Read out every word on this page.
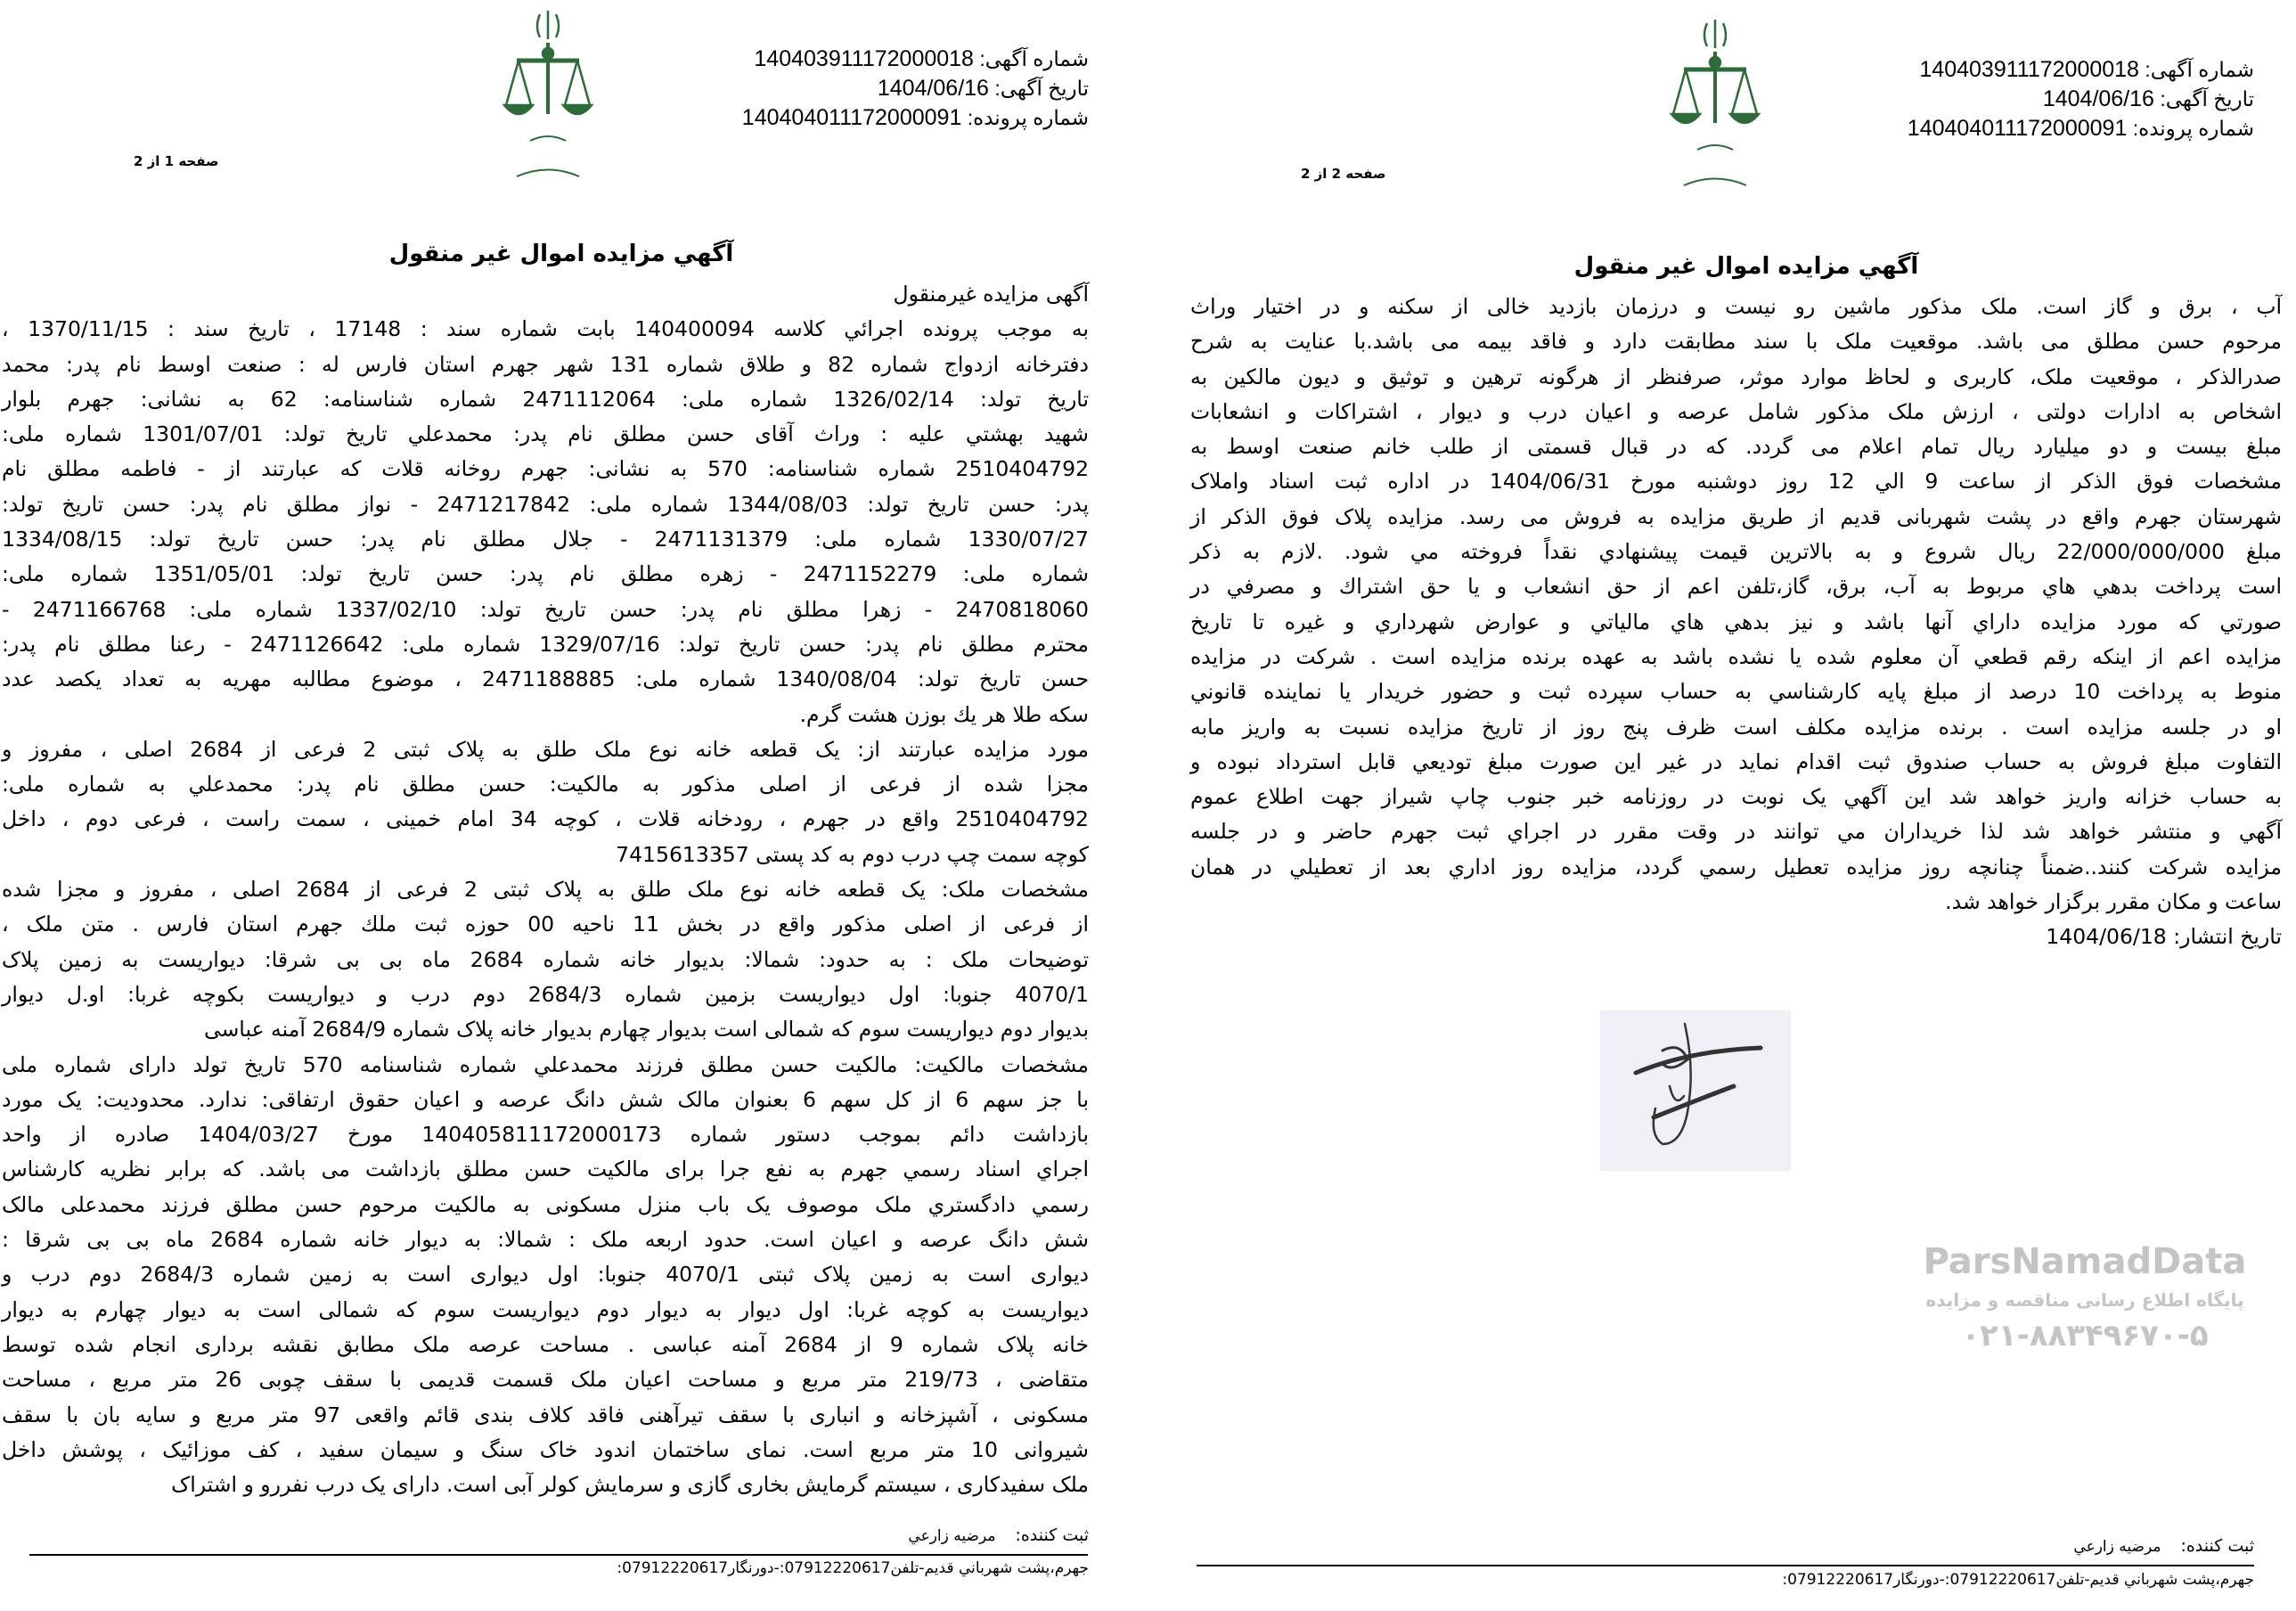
شماره آگهی: 140403911172000018
تاریخ آگهی: 1404/06/16
شماره پرونده: 140404011172000091
صفحه 1 از 2
آگهي مزايده اموال غير منقول
آگهی مزایده غیرمنقول
به موجب پرونده اجرائي كلاسه 140400094 بابت شماره سند : 17148 ، تاريخ سند : 1370/11/15 ،
دفترخانه ازدواج شماره 82 و طلاق شماره 131 شهر جهرم استان فارس له : صنعت اوسط نام پدر: محمد
تاریخ تولد: 1326/02/14 شماره ملی: 2471112064 شماره شناسنامه: 62 به نشانی: جهرم بلوار
شهيد بهشتي عليه : وراث آقای حسن مطلق نام پدر: محمدعلي تاريخ تولد: 1301/07/01 شماره ملی:
2510404792 شماره شناسنامه: 570 به نشانی: جهرم روخانه قلات كه عبارتند از - فاطمه مطلق نام
پدر: حسن تاریخ تولد: 1344/08/03 شماره ملی: 2471217842 - نواز مطلق نام پدر: حسن تاریخ تولد:
1330/07/27 شماره ملی: 2471131379 - جلال مطلق نام پدر: حسن تاریخ تولد: 1334/08/15
شماره ملی: 2471152279 - زهره مطلق نام پدر: حسن تاریخ تولد: 1351/05/01 شماره ملی:
2470818060 - زهرا مطلق نام پدر: حسن تاریخ تولد: 1337/02/10 شماره ملی: 2471166768 -
محترم مطلق نام پدر: حسن تاریخ تولد: 1329/07/16 شماره ملی: 2471126642 - رعنا مطلق نام پدر:
حسن تاریخ تولد: 1340/08/04 شماره ملی: 2471188885 ، موضوع مطالبه مهريه به تعداد يكصد عدد
سكه طلا هر يك بوزن هشت گرم.
مورد مزایده عبارتند از: یک قطعه خانه نوع ملک طلق به پلاک ثبتی 2 فرعی از 2684 اصلی ، مفروز و
مجزا شده از فرعی از اصلی مذکور به مالکیت: حسن مطلق نام پدر: محمدعلي به شماره ملی:
2510404792 واقع در جهرم ، رودخانه قلات ، کوچه 34 امام خمینی ، سمت راست ، فرعی دوم ، داخل
کوچه سمت چپ درب دوم به کد پستی 7415613357
مشخصات ملک: یک قطعه خانه نوع ملک طلق به پلاک ثبتی 2 فرعی از 2684 اصلی ، مفروز و مجزا شده
از فرعی از اصلی مذکور واقع در بخش 11 ناحیه 00 حوزه ثبت ملك جهرم استان فارس . متن ملک ،
توضیحات ملک : به حدود: شمالا: بدیوار خانه شماره 2684 ماه بی بی شرقا: دیواریست به زمین پلاک
4070/1 جنوبا: اول دیواریست بزمین شماره 2684/3 دوم درب و دیواریست بکوچه غربا: او.ل دیوار
بدیوار دوم دیواریست سوم که شمالی است بدیوار چهارم بدیوار خانه پلاک شماره 2684/9 آمنه عباسی
مشخصات مالکیت: مالکیت حسن مطلق فرزند محمدعلي شماره شناسنامه 570 تاریخ تولد دارای شماره ملی
با جز سهم 6 از کل سهم 6 بعنوان مالک شش دانگ عرصه و اعیان حقوق ارتفاقی: ندارد. محدودیت: یک مورد
بازداشت دائم بموجب دستور شماره 140405811172000173 مورخ 1404/03/27 صادره از واحد
اجراي اسناد رسمي جهرم به نفع جرا برای مالکیت حسن مطلق بازداشت می باشد. که برابر نظریه کارشناس
رسمي دادگستري ملک موصوف یک باب منزل مسکونی به مالکیت مرحوم حسن مطلق فرزند محمدعلی مالک
شش دانگ عرصه و اعیان است. حدود اربعه ملک : شمالا: به دیوار خانه شماره 2684 ماه بی بی شرقا :
دیواری است به زمین پلاک ثبتی 4070/1 جنوبا: اول دیواری است به زمین شماره 2684/3 دوم درب و
دیواریست به کوچه غربا: اول دیوار به دیوار دوم دیواریست سوم که شمالی است به دیوار چهارم به دیوار
خانه پلاک شماره 9 از 2684 آمنه عباسی . مساحت عرصه ملک مطابق نقشه برداری انجام شده توسط
متقاضی ، 219/73 متر مربع و مساحت اعیان ملک قسمت قدیمی با سقف چوبی 26 متر مربع ، مساحت
مسکونی ، آشپزخانه و انباری با سقف تیرآهنی فاقد کلاف بندی قائم واقعی 97 متر مربع و سایه بان با سقف
شیروانی 10 متر مربع است. نمای ساختمان اندود خاک سنگ و سیمان سفید ، کف موزائیک ، پوشش داخل
ملک سفیدکاری ، سیستم گرمایش بخاری گازی و سرمایش کولر آبی است. دارای یک درب نفررو و اشتراک
ثبت کننده:مرضيه زارعي
جهرم،پشت شهرباني قديم-تلفن07912220617:-دورنگار07912220617:
شماره آگهی: 140403911172000018
تاریخ آگهی: 1404/06/16
شماره پرونده: 140404011172000091
صفحه 2 از 2
آگهي مزايده اموال غير منقول
آب ، برق و گاز است. ملک مذکور ماشین رو نیست و درزمان بازدید خالی از سکنه و در اختیار وراث
مرحوم حسن مطلق می باشد. موقعیت ملک با سند مطابقت دارد و فاقد بیمه می باشد.با عنایت به شرح
صدرالذکر ، موقعیت ملک، کاربری و لحاظ موارد موثر، صرفنظر از هرگونه ترهین و توثیق و دیون مالکین به
اشخاص به ادارات دولتی ، ارزش ملک مذکور شامل عرصه و اعیان درب و دیوار ، اشتراکات و انشعابات
مبلغ بیست و دو میلیارد ریال تمام اعلام می گردد. که در قبال قسمتی از طلب خانم صنعت اوسط به
مشخصات فوق الذکر از ساعت 9 الي 12 روز دوشنبه مورخ 1404/06/31 در اداره ثبت اسناد واملاک
شهرستان جهرم واقع در پشت شهربانی قدیم از طریق مزایده به فروش می رسد. مزایده پلاک فوق الذکر از
مبلغ 22/000/000/000 ريال شروع و به بالاترين قيمت پيشنهادي نقداً فروخته مي شود. .لازم به ذکر
است پرداخت بدهي هاي مربوط به آب، برق، گاز،تلفن اعم از حق انشعاب و يا حق اشتراك و مصرفي در
صورتي كه مورد مزايده داراي آنها باشد و نيز بدهي هاي مالياتي و عوارض شهرداري و غيره تا تاريخ
مزايده اعم از اينكه رقم قطعي آن معلوم شده يا نشده باشد به عهده برنده مزايده است . شركت در مزايده
منوط به پرداخت 10 درصد از مبلغ پايه كارشناسي به حساب سپرده ثبت و حضور خريدار يا نماينده قانوني
او در جلسه مزايده است . برنده مزايده مكلف است ظرف پنج روز از تاريخ مزايده نسبت به واريز مابه
التفاوت مبلغ فروش به حساب صندوق ثبت اقدام نمايد در غير اين صورت مبلغ توديعي قابل استرداد نبوده و
به حساب خزانه واريز خواهد شد اين آگهي يک نوبت در روزنامه خبر جنوب چاپ شيراز جهت اطلاع عموم
آگهي و منتشر خواهد شد لذا خريداران مي توانند در وقت مقرر در اجراي ثبت جهرم حاضر و در جلسه
مزايده شركت كنند..ضمناً چنانچه روز مزايده تعطيل رسمي گردد، مزايده روز اداري بعد از تعطيلي در همان
ساعت و مكان مقرر برگزار خواهد شد.
تاریخ انتشار: 1404/06/18
ثبت کننده:مرضيه زارعي
جهرم،پشت شهرباني قديم-تلفن07912220617:-دورنگار07912220617:
ParsNamadData
پایگاه اطلاع رسانی مناقصه و مزایده
۰۲۱-۸۸۳۴۹۶۷۰-۵
